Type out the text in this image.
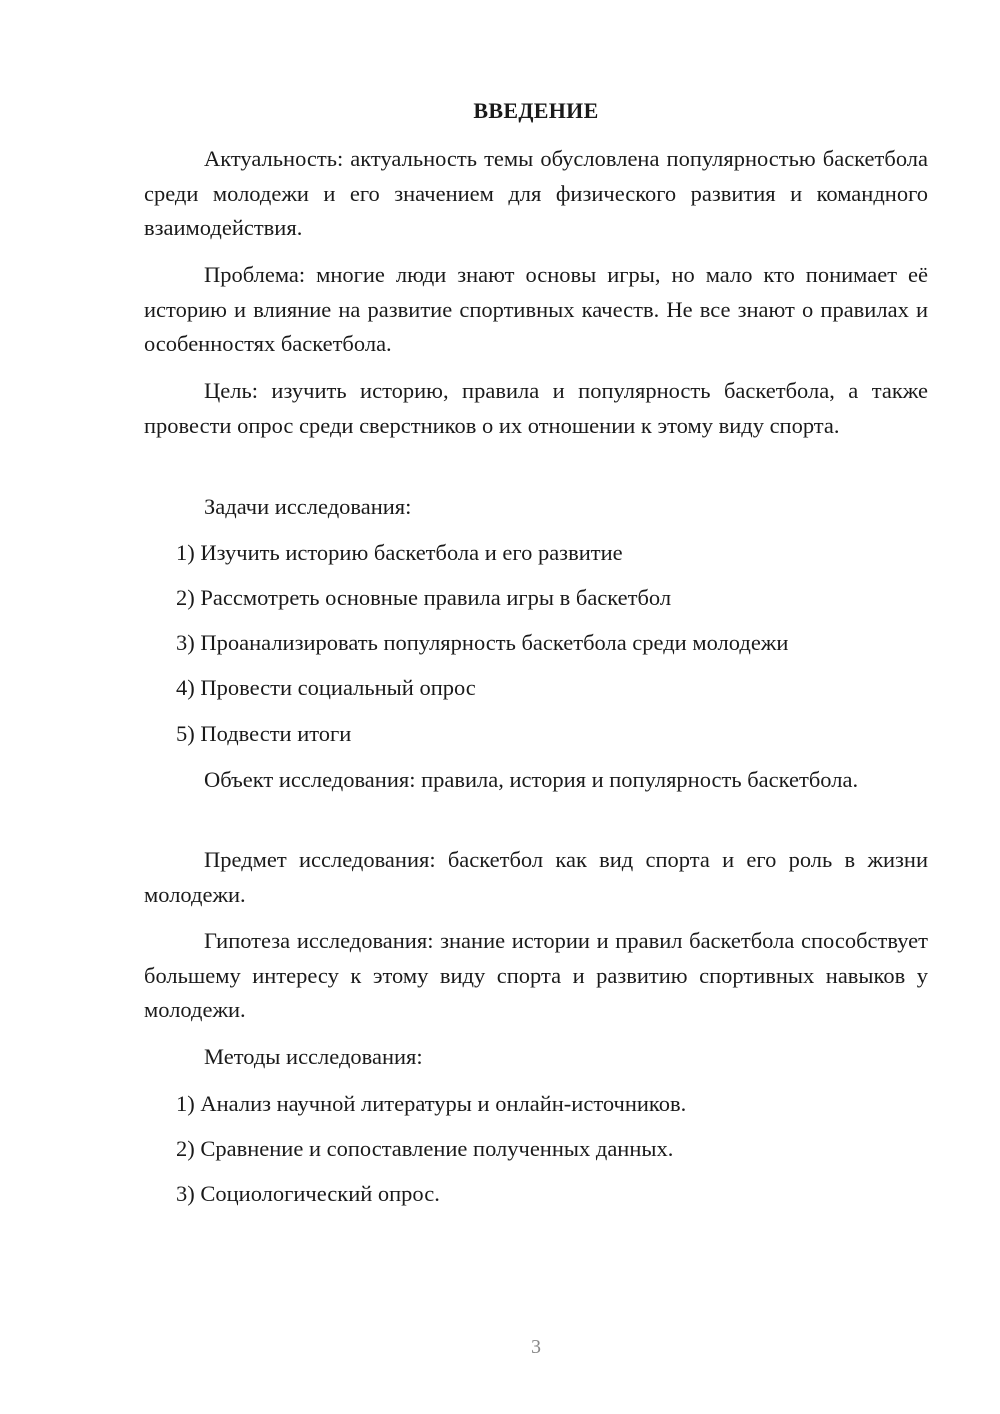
ВВЕДЕНИЕ

Актуальность: актуальность темы обусловлена популярностью баскетбола среди молодежи и его значением для физического развития и командного взаимодействия.

Проблема: многие люди знают основы игры, но мало кто понимает её историю и влияние на развитие спортивных качеств. Не все знают о правилах и особенностях баскетбола.

Цель: изучить историю, правила и популярность баскетбола, а также провести опрос среди сверстников о их отношении к этому виду спорта.

Задачи исследования:

1) Изучить историю баскетбола и его развитие

2) Рассмотреть основные правила игры в баскетбол

3) Проанализировать популярность баскетбола среди молодежи

4) Провести социальный опрос

5) Подвести итоги

Объект исследования: правила, история и популярность баскетбола.

Предмет исследования: баскетбол как вид спорта и его роль в жизни молодежи.

Гипотеза исследования: знание истории и правил баскетбола способствует большему интересу к этому виду спорта и развитию спортивных навыков у молодежи.

Методы исследования:

1) Анализ научной литературы и онлайн-источников.

2) Сравнение и сопоставление полученных данных.

3) Социологический опрос.

3
